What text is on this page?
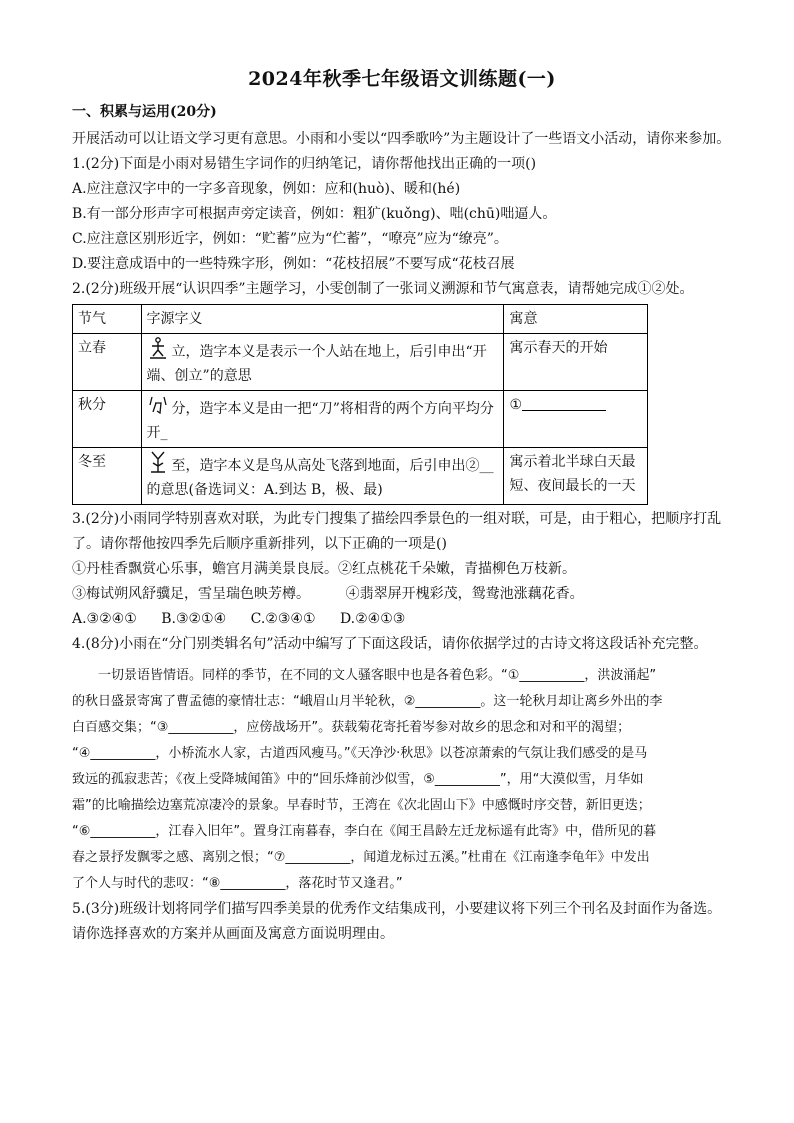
2024年秋季七年级语文训练题(一)
一、积累与运用(20分)

开展活动可以让语文学习更有意思。小雨和小雯以“四季歌吟”为主题设计了一些语文小活动，请你来参加。

1.(2分)下面是小雨对易错生字词作的归纳笔记，请你帮他找出正确的一项()

A.应注意汉字中的一字多音现象，例如：应和(huò)、暖和(hé)

B.有一部分形声字可根据声旁定读音，例如：粗犷(kuǒng)、咄(chū)咄逼人。

C.应注意区别形近字，例如：“贮蓄”应为“伫蓄”，“嘹亮”应为“缭亮”。

D.要注意成语中的一些特殊字形，例如：“花枝招展”不要写成“花枝召展

2.(2分)班级开展“认识四季”主题学习，小雯创制了一张词义溯源和节气寓意表，请帮她完成①②处。

节气	字源字义	寓意
立春	立，造字本义是表示一个人站在地上，后引申出“开端、创立”的意思	寓示春天的开始
秋分	分，造字本义是由一把“刀”将相背的两个方向平均分开_	①
冬至	至，造字本义是鸟从高处飞落到地面，后引申出②__的意思(备选词义：A.到达 B，极、最)	寓示着北半球白天最短、夜间最长的一天

3.(2分)小雨同学特别喜欢对联，为此专门搜集了描绘四季景色的一组对联，可是，由于粗心，把顺序打乱了。请你帮他按四季先后顺序重新排列，以下正确的一项是()

①丹桂香飘赏心乐事，蟾宫月满美景良辰。②红点桃花千朵嫩，青描柳色万枝新。

③梅试朔风舒骥足，雪呈瑞色映芳樽。        ④翡翠屏开槐彩茂，鸳鸯池涨藕花香。

A.③②④① B.③②①④ C.②③④① D.②④①③

4.(8分)小雨在“分门别类辑名句”活动中编写了下面这段话，请你依据学过的古诗文将这段话补充完整。

一切景语皆情语。同样的季节，在不同的文人骚客眼中也是各着色彩。“①__________，洪波涌起”
的秋日盛景寄寓了曹孟德的豪情壮志：“峨眉山月半轮秋，②__________。这一轮秋月却让离乡外出的李
白百感交集；“③__________，应傍战场开”。获载菊花寄托着岑参对故乡的思念和对和平的渴望；
“④__________，小桥流水人家，古道西风瘦马。”《天净沙·秋思》以苍凉萧索的气氛让我们感受的是马
致远的孤寂悲苦；《夜上受降城闻笛》中的“回乐烽前沙似雪，⑤__________”，用“大漠似雪，月华如
霜”的比喻描绘边塞荒凉凄冷的景象。早春时节，王湾在《次北固山下》中感慨时序交替，新旧更迭；
“⑥__________，江春入旧年”。置身江南暮春，李白在《闻王昌龄左迁龙标遥有此寄》中，借所见的暮
春之景抒发飘零之感、离别之恨；“⑦__________，闻道龙标过五溪。”杜甫在《江南逢李龟年》中发出
了个人与时代的悲叹：“⑧__________，落花时节又逢君。”

5.(3分)班级计划将同学们描写四季美景的优秀作文结集成刊，小要建议将下列三个刊名及封面作为备选。请你选择喜欢的方案并从画面及寓意方面说明理由。
